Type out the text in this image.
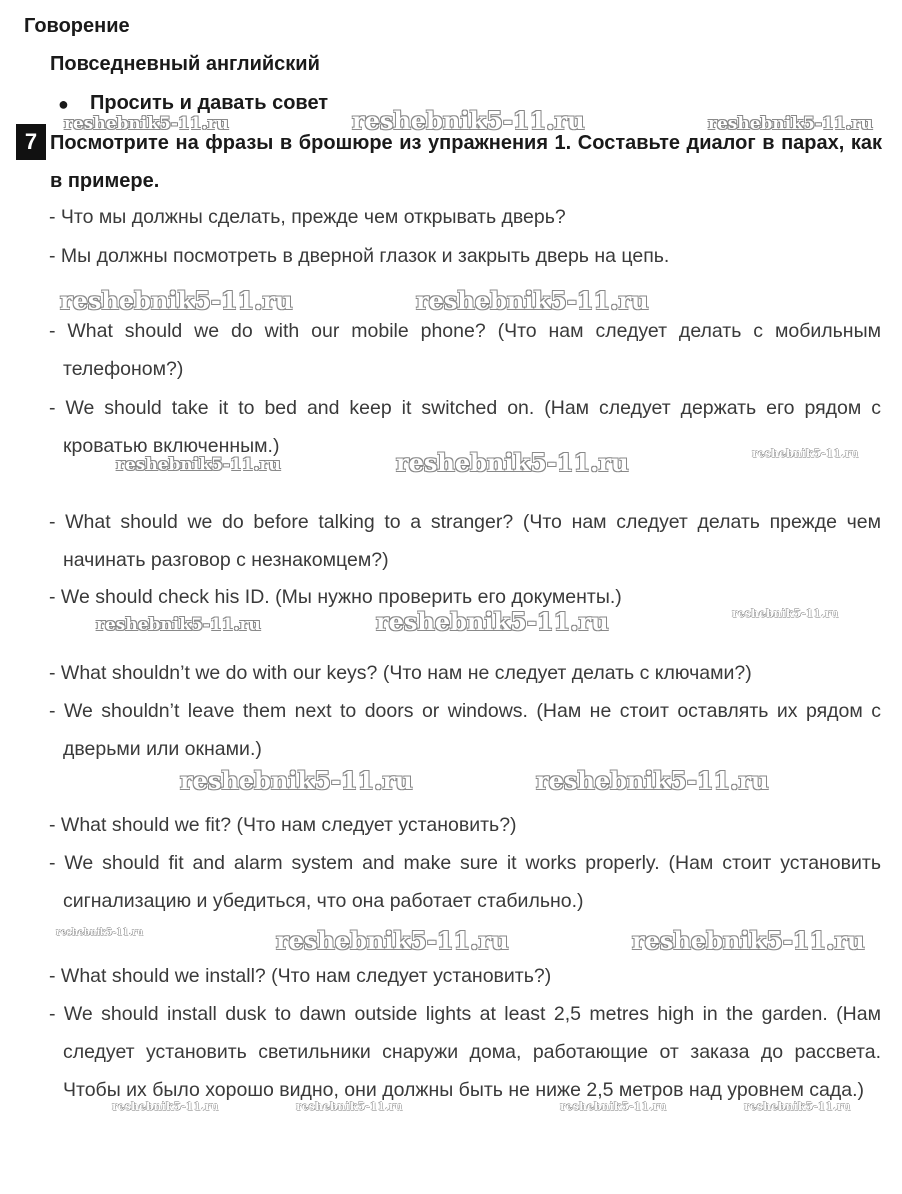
Говорение
Повседневный английский
● Просить и давать совет
7 Посмотрите на фразы в брошюре из упражнения 1. Составьте диалог в парах, как в примере.
- Что мы должны сделать, прежде чем открывать дверь?
- Мы должны посмотреть в дверной глазок и закрыть дверь на цепь.
- What should we do with our mobile phone? (Что нам следует делать с мобильным телефоном?)
- We should take it to bed and keep it switched on. (Нам следует держать его рядом с кроватью включенным.)
- What should we do before talking to a stranger? (Что нам следует делать прежде чем начинать разговор с незнакомцем?)
- We should check his ID. (Мы нужно проверить его документы.)
- What shouldn’t we do with our keys? (Что нам не следует делать с ключами?)
- We shouldn’t leave them next to doors or windows. (Нам не стоит оставлять их рядом с дверьми или окнами.)
- What should we fit? (Что нам следует установить?)
- We should fit and alarm system and make sure it works properly. (Нам стоит установить сигнализацию и убедиться, что она работает стабильно.)
- What should we install? (Что нам следует установить?)
- We should install dusk to dawn outside lights at least 2,5 metres high in the garden. (Нам следует установить светильники снаружи дома, работающие от заказа до рассвета. Чтобы их было хорошо видно, они должны быть не ниже 2,5 метров над уровнем сада.)
reshebnik5-11.ru	reshebnik5-11.ru	reshebnik5-11.ru
reshebnik5-11.ru	reshebnik5-11.ru
reshebnik5-11.ru	reshebnik5-11.ru	reshebnik5-11.ru
reshebnik5-11.ru	reshebnik5-11.ru	reshebnik5-11.ru
reshebnik5-11.ru	reshebnik5-11.ru
reshebnik5-11.ru	reshebnik5-11.ru	reshebnik5-11.ru
reshebnik5-11.ru	reshebnik5-11.ru	reshebnik5-11.ru	reshebnik5-11.ru
